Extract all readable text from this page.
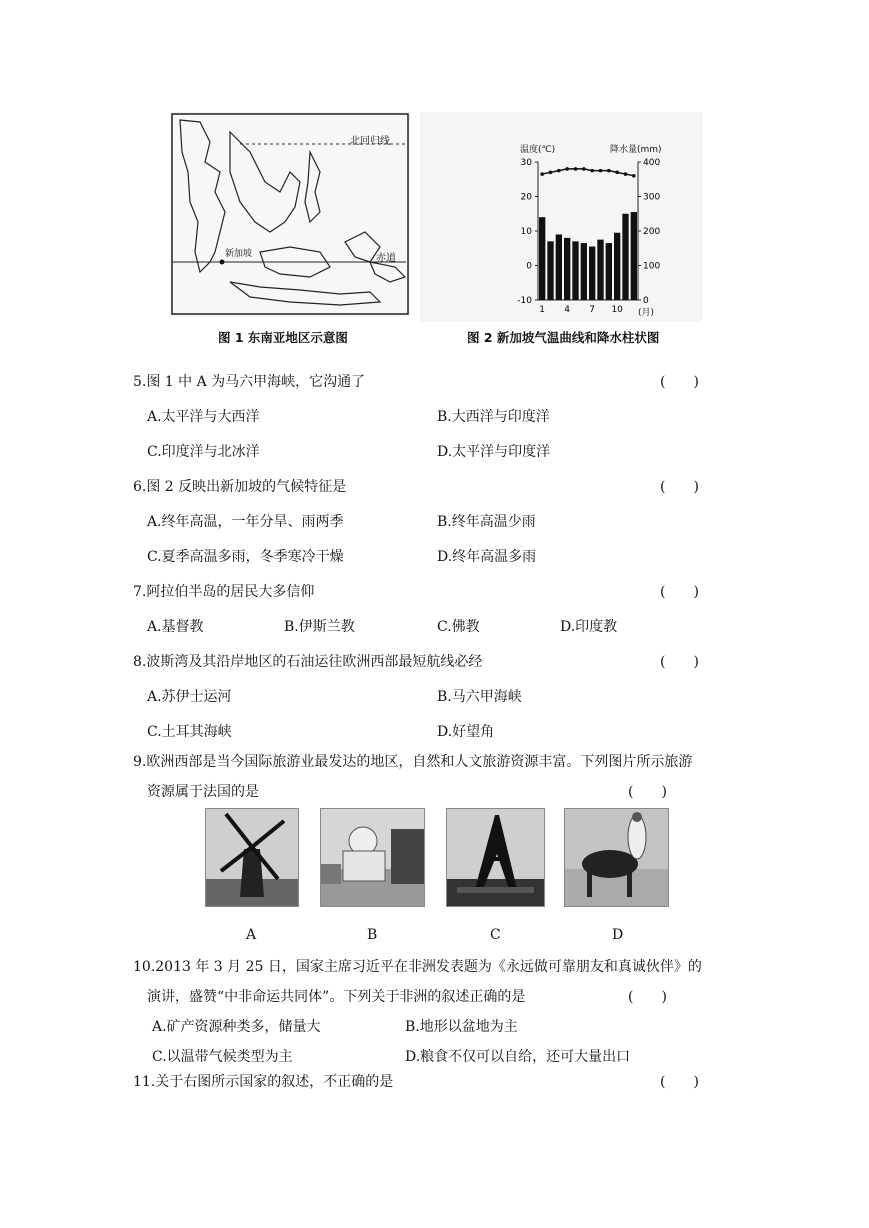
北回归线
赤道
新加坡
图 1 东南亚地区示意图
30
20
10
0
-10
400
300
200
100
0
1 4 7 10
温度(℃)	降水量(mm)
(月)
图 2 新加坡气温曲线和降水柱状图
5.图 1 中 A 为马六甲海峡，它沟通了	(　　)
A.太平洋与大西洋	B.大西洋与印度洋
C.印度洋与北冰洋	D.太平洋与印度洋
6.图 2 反映出新加坡的气候特征是	(　　)
A.终年高温，一年分旱、雨两季	B.终年高温少雨
C.夏季高温多雨，冬季寒冷干燥	D.终年高温多雨
7.阿拉伯半岛的居民大多信仰	(　　)
A.基督教	B.伊斯兰教	C.佛教	D.印度教
8.波斯湾及其沿岸地区的石油运往欧洲西部最短航线必经	(　　)
A.苏伊士运河	B.马六甲海峡
C.土耳其海峡	D.好望角
9.欧洲西部是当今国际旅游业最发达的地区，自然和人文旅游资源丰富。下列图片所示旅游
资源属于法国的是	(　　)
A	B	C	D
10.2013 年 3 月 25 日，国家主席习近平在非洲发表题为《永远做可靠朋友和真诚伙伴》的
演讲，盛赞“中非命运共同体”。下列关于非洲的叙述正确的是	(　　)
A.矿产资源种类多，储量大	B.地形以盆地为主
C.以温带气候类型为主	D.粮食不仅可以自给，还可大量出口
11.关于右图所示国家的叙述，不正确的是	(　　)
